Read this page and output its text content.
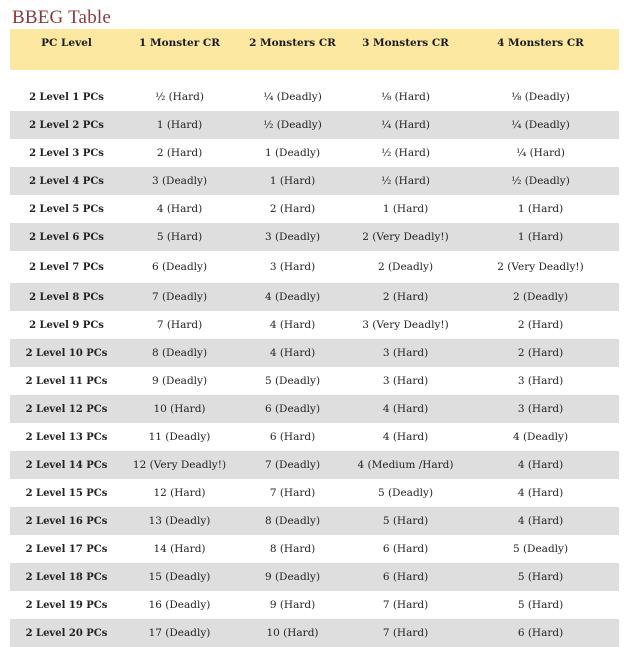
BBEG Table
PC Level	1 Monster CR	2 Monsters CR	3 Monsters CR	4 Monsters CR

2 Level 1 PCs	½ (Hard)	¼ (Deadly)	⅛ (Hard)	⅛ (Deadly)
2 Level 2 PCs	1 (Hard)	½ (Deadly)	¼ (Hard)	¼ (Deadly)
2 Level 3 PCs	2 (Hard)	1 (Deadly)	½ (Hard)	¼ (Hard)
2 Level 4 PCs	3 (Deadly)	1 (Hard)	½ (Hard)	½ (Deadly)
2 Level 5 PCs	4 (Hard)	2 (Hard)	1 (Hard)	1 (Hard)
2 Level 6 PCs	5 (Hard)	3 (Deadly)	2 (Very Deadly!)	1 (Hard)
2 Level 7 PCs	6 (Deadly)	3 (Hard)	2 (Deadly)	2 (Very Deadly!)
2 Level 8 PCs	7 (Deadly)	4 (Deadly)	2 (Hard)	2 (Deadly)
2 Level 9 PCs	7 (Hard)	4 (Hard)	3 (Very Deadly!)	2 (Hard)
2 Level 10 PCs	8 (Deadly)	4 (Hard)	3 (Hard)	2 (Hard)
2 Level 11 PCs	9 (Deadly)	5 (Deadly)	3 (Hard)	3 (Hard)
2 Level 12 PCs	10 (Hard)	6 (Deadly)	4 (Hard)	3 (Hard)
2 Level 13 PCs	11 (Deadly)	6 (Hard)	4 (Hard)	4 (Deadly)
2 Level 14 PCs	12 (Very Deadly!)	7 (Deadly)	4 (Medium /Hard)	4 (Hard)
2 Level 15 PCs	12 (Hard)	7 (Hard)	5 (Deadly)	4 (Hard)
2 Level 16 PCs	13 (Deadly)	8 (Deadly)	5 (Hard)	4 (Hard)
2 Level 17 PCs	14 (Hard)	8 (Hard)	6 (Hard)	5 (Deadly)
2 Level 18 PCs	15 (Deadly)	9 (Deadly)	6 (Hard)	5 (Hard)
2 Level 19 PCs	16 (Deadly)	9 (Hard)	7 (Hard)	5 (Hard)
2 Level 20 PCs	17 (Deadly)	10 (Hard)	7 (Hard)	6 (Hard)
